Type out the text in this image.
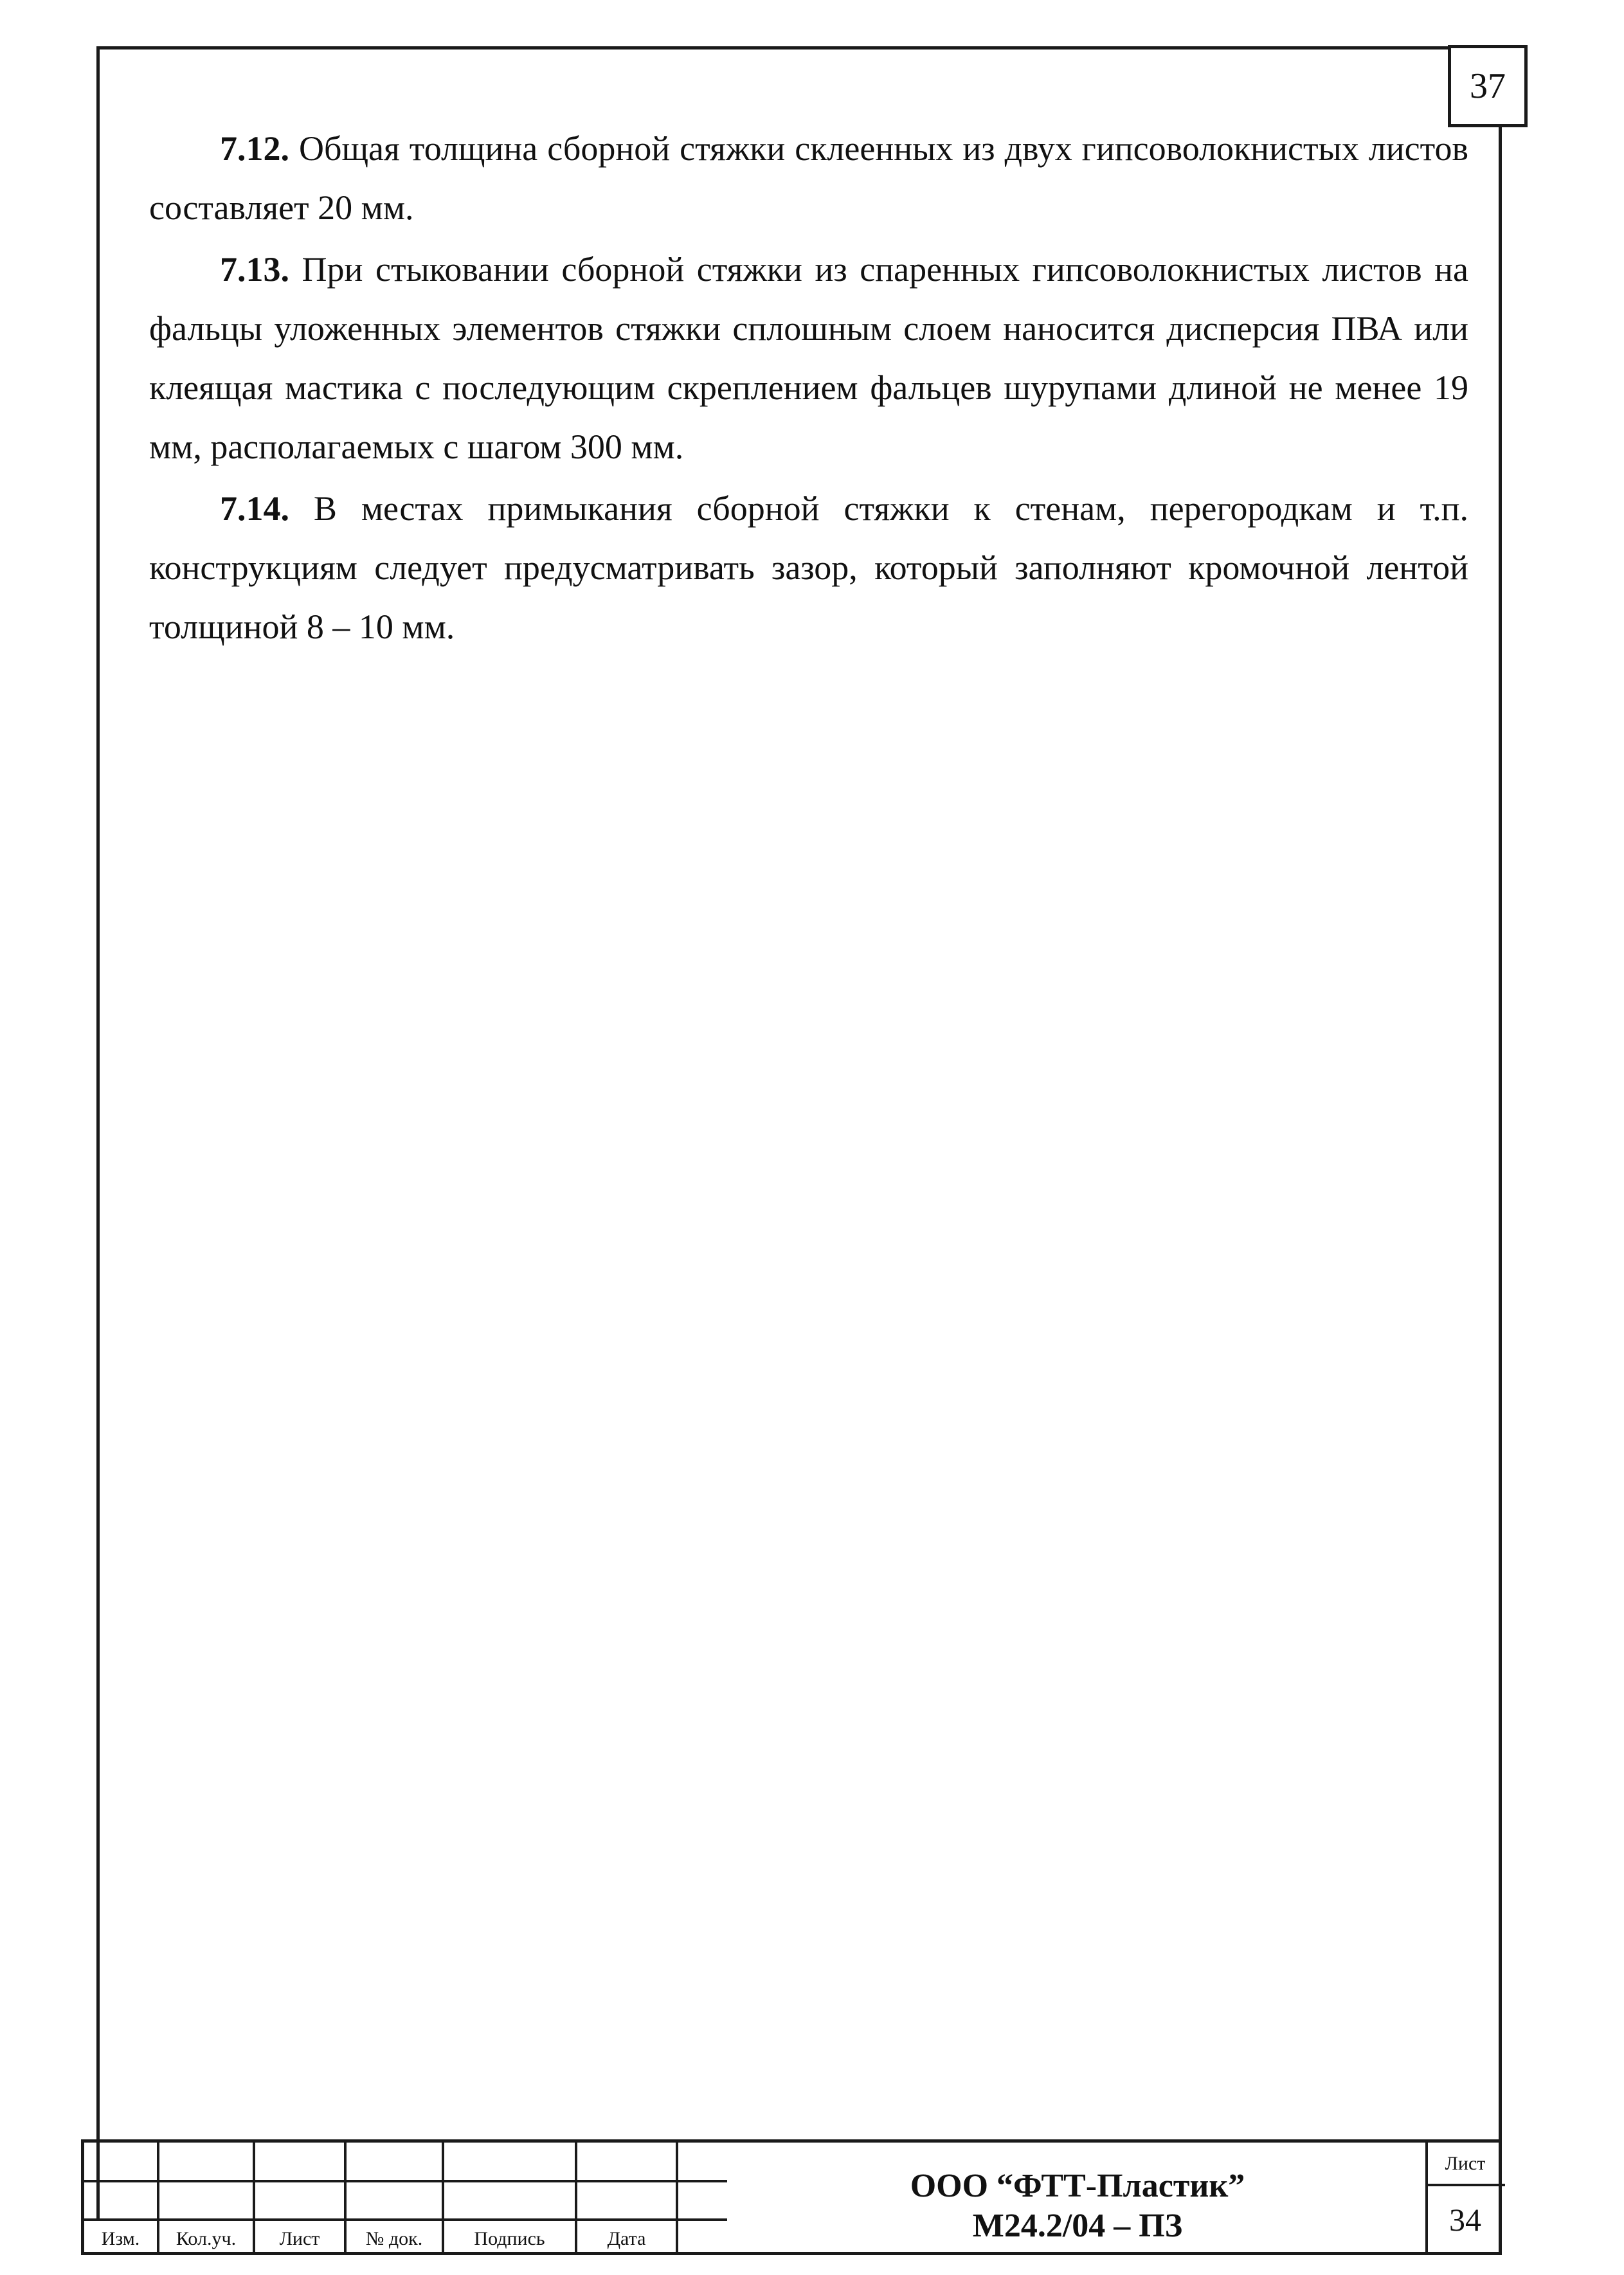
37

7.12. Общая толщина сборной стяжки склеенных из двух гипсоволокнистых листов составляет 20 мм.

7.13. При стыковании сборной стяжки из спаренных гипсоволокнистых листов на фальцы уложенных элементов стяжки сплошным слоем наносится дисперсия ПВА или клеящая мастика с последующим скреплением фальцев шурупами длиной не менее 19 мм, располагаемых с шагом 300 мм.

7.14. В местах примыкания сборной стяжки к стенам, перегородкам и т.п. конструкциям следует предусматривать зазор, который заполняют кромочной лентой толщиной 8 – 10 мм.

Изм.	Кол.уч.	Лист	№ док.	Подпись	Дата
ООО “ФТТ-Пластик”
М24.2/04 – ПЗ
Лист
34
